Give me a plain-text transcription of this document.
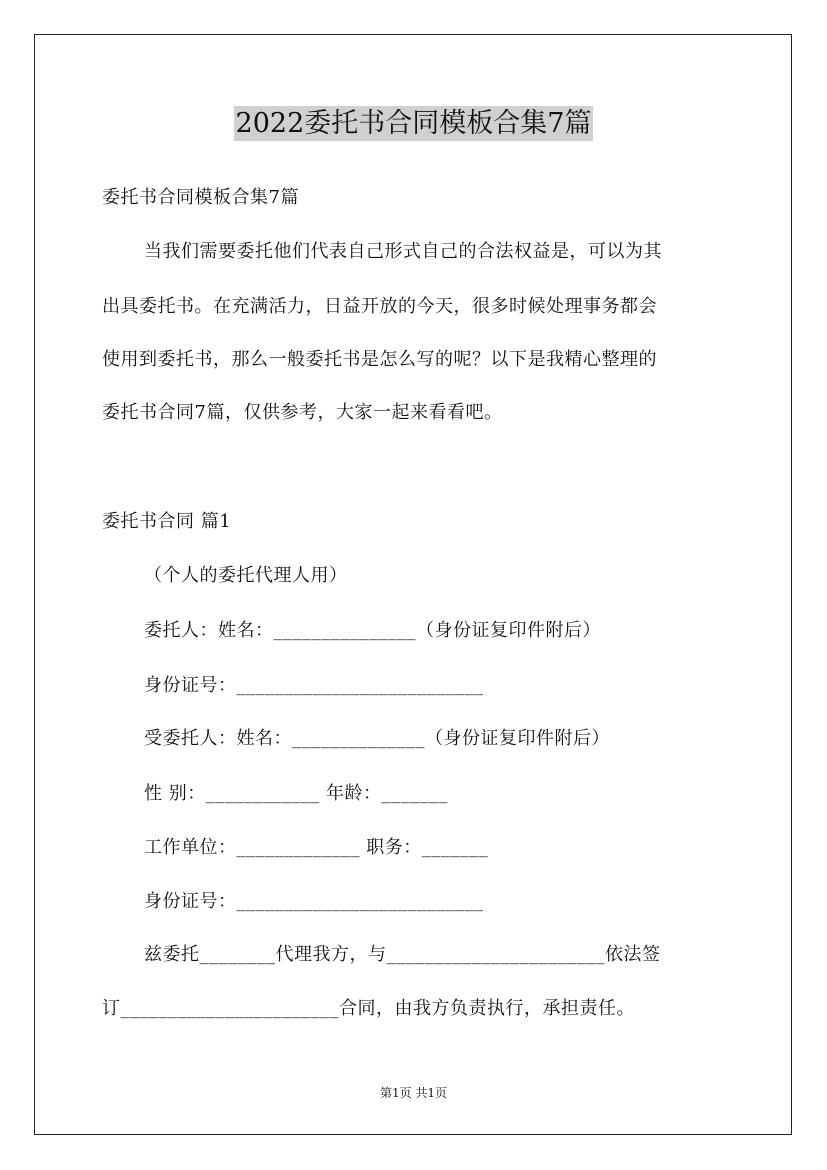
2022委托书合同模板合集7篇
委托书合同模板合集7篇
当我们需要委托他们代表自己形式自己的合法权益是，可以为其
出具委托书。在充满活力，日益开放的今天，很多时候处理事务都会
使用到委托书，那么一般委托书是怎么写的呢？以下是我精心整理的
委托书合同7篇，仅供参考，大家一起来看看吧。
委托书合同 篇1
（个人的委托代理人用）
委托人：姓名：_______________（身份证复印件附后）
身份证号：__________________________
受委托人：姓名：______________（身份证复印件附后）
性 别：____________ 年龄：_______
工作单位：_____________ 职务：_______
身份证号：__________________________
兹委托________代理我方，与_______________________依法签
订_______________________合同，由我方负责执行，承担责任。
第1页 共1页
